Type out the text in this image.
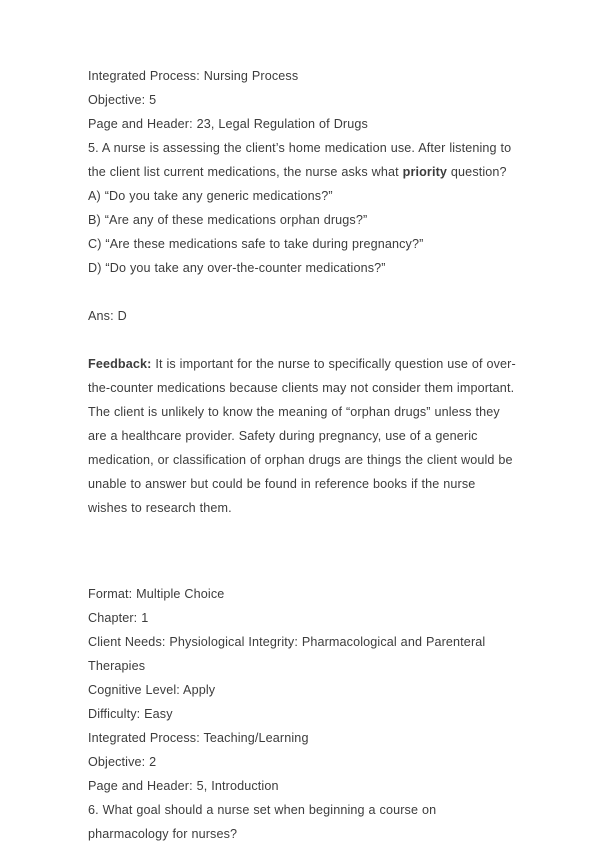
Integrated Process: Nursing Process

Objective: 5

Page and Header: 23, Legal Regulation of Drugs

5. A nurse is assessing the client’s home medication use. After listening to the client list current medications, the nurse asks what priority question?

A) “Do you take any generic medications?”

B) “Are any of these medications orphan drugs?”

C) “Are these medications safe to take during pregnancy?”

D) “Do you take any over-the-counter medications?”

Ans: D

Feedback: It is important for the nurse to specifically question use of over-the-counter medications because clients may not consider them important. The client is unlikely to know the meaning of “orphan drugs” unless they are a healthcare provider. Safety during pregnancy, use of a generic medication, or classification of orphan drugs are things the client would be unable to answer but could be found in reference books if the nurse wishes to research them.

Format: Multiple Choice

Chapter: 1

Client Needs: Physiological Integrity: Pharmacological and Parenteral Therapies

Cognitive Level: Apply

Difficulty: Easy

Integrated Process: Teaching/Learning

Objective: 2

Page and Header: 5, Introduction

6. What goal should a nurse set when beginning a course on pharmacology for nurses?
